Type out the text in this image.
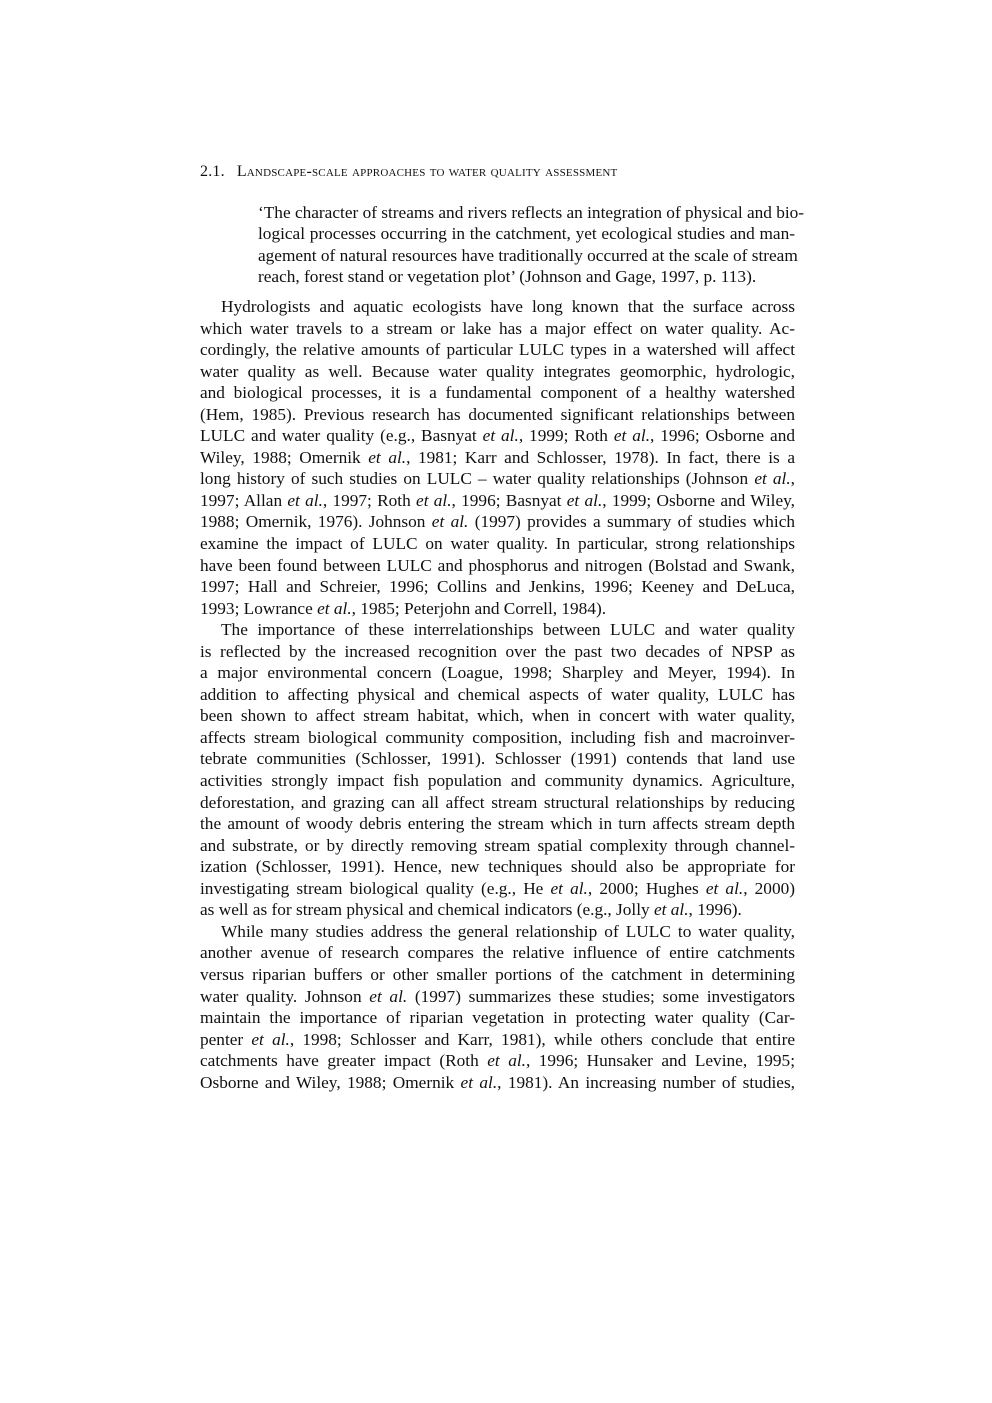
2.1. Landscape-scale approaches to water quality assessment
‘The character of streams and rivers reflects an integration of physical and bio-
logical processes occurring in the catchment, yet ecological studies and man-
agement of natural resources have traditionally occurred at the scale of stream
reach, forest stand or vegetation plot’ (Johnson and Gage, 1997, p. 113).
Hydrologists and aquatic ecologists have long known that the surface across
which water travels to a stream or lake has a major effect on water quality. Ac-
cordingly, the relative amounts of particular LULC types in a watershed will affect
water quality as well. Because water quality integrates geomorphic, hydrologic,
and biological processes, it is a fundamental component of a healthy watershed
(Hem, 1985). Previous research has documented significant relationships between
LULC and water quality (e.g., Basnyat et al., 1999; Roth et al., 1996; Osborne and
Wiley, 1988; Omernik et al., 1981; Karr and Schlosser, 1978). In fact, there is a
long history of such studies on LULC – water quality relationships (Johnson et al.,
1997; Allan et al., 1997; Roth et al., 1996; Basnyat et al., 1999; Osborne and Wiley,
1988; Omernik, 1976). Johnson et al. (1997) provides a summary of studies which
examine the impact of LULC on water quality. In particular, strong relationships
have been found between LULC and phosphorus and nitrogen (Bolstad and Swank,
1997; Hall and Schreier, 1996; Collins and Jenkins, 1996; Keeney and DeLuca,
1993; Lowrance et al., 1985; Peterjohn and Correll, 1984).
The importance of these interrelationships between LULC and water quality
is reflected by the increased recognition over the past two decades of NPSP as
a major environmental concern (Loague, 1998; Sharpley and Meyer, 1994). In
addition to affecting physical and chemical aspects of water quality, LULC has
been shown to affect stream habitat, which, when in concert with water quality,
affects stream biological community composition, including fish and macroinver-
tebrate communities (Schlosser, 1991). Schlosser (1991) contends that land use
activities strongly impact fish population and community dynamics. Agriculture,
deforestation, and grazing can all affect stream structural relationships by reducing
the amount of woody debris entering the stream which in turn affects stream depth
and substrate, or by directly removing stream spatial complexity through channel-
ization (Schlosser, 1991). Hence, new techniques should also be appropriate for
investigating stream biological quality (e.g., He et al., 2000; Hughes et al., 2000)
as well as for stream physical and chemical indicators (e.g., Jolly et al., 1996).
While many studies address the general relationship of LULC to water quality,
another avenue of research compares the relative influence of entire catchments
versus riparian buffers or other smaller portions of the catchment in determining
water quality. Johnson et al. (1997) summarizes these studies; some investigators
maintain the importance of riparian vegetation in protecting water quality (Car-
penter et al., 1998; Schlosser and Karr, 1981), while others conclude that entire
catchments have greater impact (Roth et al., 1996; Hunsaker and Levine, 1995;
Osborne and Wiley, 1988; Omernik et al., 1981). An increasing number of studies,
